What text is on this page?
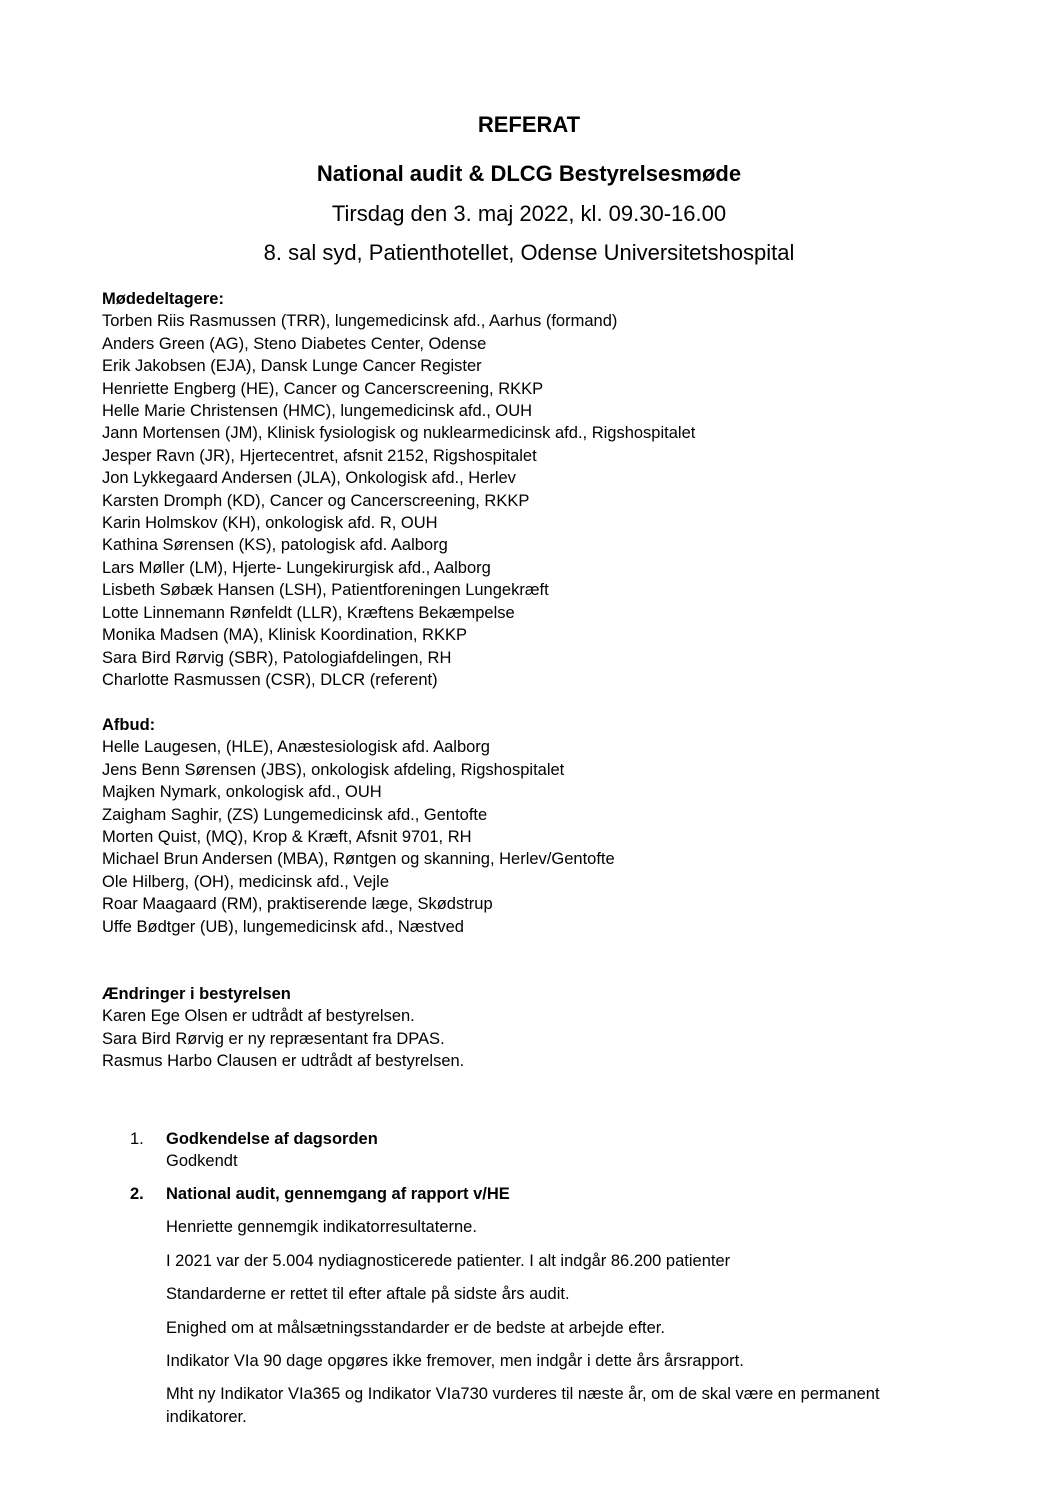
REFERAT
National audit & DLCG Bestyrelsesmøde
Tirsdag den 3. maj 2022, kl. 09.30-16.00
8. sal syd, Patienthotellet, Odense Universitetshospital
Mødedeltagere:
Torben Riis Rasmussen (TRR), lungemedicinsk afd., Aarhus (formand)
Anders Green (AG), Steno Diabetes Center, Odense
Erik Jakobsen (EJA), Dansk Lunge Cancer Register
Henriette Engberg (HE), Cancer og Cancerscreening, RKKP
Helle Marie Christensen (HMC), lungemedicinsk afd., OUH
Jann Mortensen (JM), Klinisk fysiologisk og nuklearmedicinsk afd., Rigshospitalet
Jesper Ravn (JR), Hjertecentret, afsnit 2152, Rigshospitalet
Jon Lykkegaard Andersen (JLA), Onkologisk afd., Herlev
Karsten Dromph (KD), Cancer og Cancerscreening, RKKP
Karin Holmskov (KH), onkologisk afd. R, OUH
Kathina Sørensen (KS), patologisk afd. Aalborg
Lars Møller (LM), Hjerte- Lungekirurgisk afd., Aalborg
Lisbeth Søbæk Hansen (LSH), Patientforeningen Lungekræft
Lotte Linnemann Rønfeldt (LLR), Kræftens Bekæmpelse
Monika Madsen (MA), Klinisk Koordination, RKKP
Sara Bird Rørvig (SBR), Patologiafdelingen, RH
Charlotte Rasmussen (CSR), DLCR (referent)
Afbud:
Helle Laugesen, (HLE), Anæstesiologisk afd. Aalborg
Jens Benn Sørensen (JBS), onkologisk afdeling, Rigshospitalet
Majken Nymark, onkologisk afd., OUH
Zaigham Saghir, (ZS) Lungemedicinsk afd., Gentofte
Morten Quist, (MQ), Krop & Kræft, Afsnit 9701, RH
Michael Brun Andersen (MBA), Røntgen og skanning, Herlev/Gentofte
Ole Hilberg, (OH), medicinsk afd., Vejle
Roar Maagaard (RM), praktiserende læge, Skødstrup
Uffe Bødtger (UB), lungemedicinsk afd., Næstved
Ændringer i bestyrelsen
Karen Ege Olsen er udtrådt af bestyrelsen.
Sara Bird Rørvig er ny repræsentant fra DPAS.
Rasmus Harbo Clausen er udtrådt af bestyrelsen.
1.	Godkendelse af dagsorden
Godkendt
2.	National audit, gennemgang af rapport v/HE
Henriette gennemgik indikatorresultaterne.
I 2021 var der 5.004 nydiagnosticerede patienter. I alt indgår 86.200 patienter
Standarderne er rettet til efter aftale på sidste års audit.
Enighed om at målsætningsstandarder er de bedste at arbejde efter.
Indikator VIa 90 dage opgøres ikke fremover, men indgår i dette års årsrapport.
Mht ny Indikator VIa365 og Indikator VIa730 vurderes til næste år, om de skal være en permanent indikatorer.
